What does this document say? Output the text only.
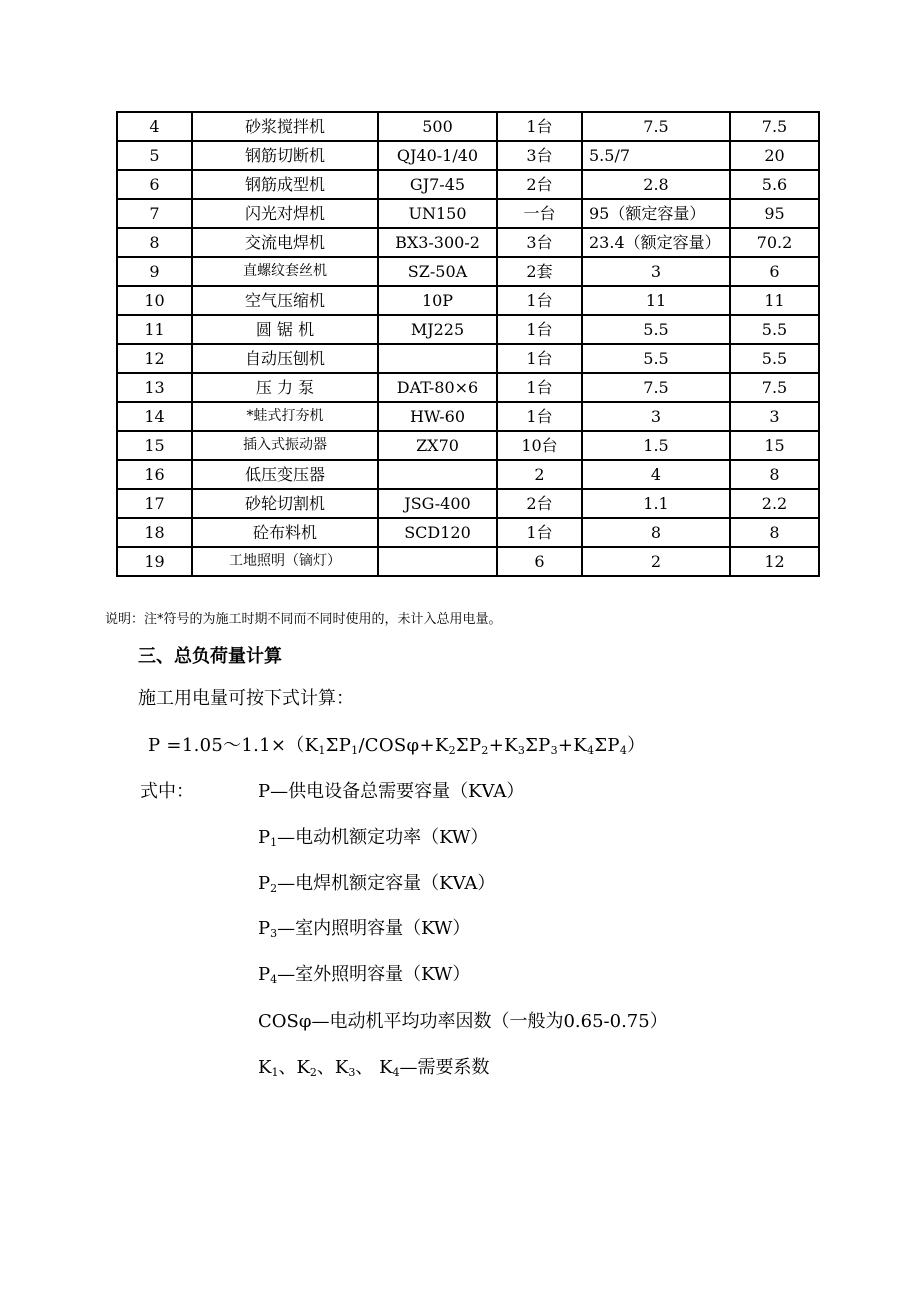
4	砂浆搅拌机	500	1台	7.5	7.5
5	钢筋切断机	QJ40-1/40	3台	5.5/7	20
6	钢筋成型机	GJ7-45	2台	2.8	5.6
7	闪光对焊机	UN150	一台	95（额定容量）	95
8	交流电焊机	BX3-300-2	3台	23.4（额定容量）	70.2
9	直螺纹套丝机	SZ-50A	2套	3	6
10	空气压缩机	10P	1台	11	11
11	圆 锯 机	MJ225	1台	5.5	5.5
12	自动压刨机		1台	5.5	5.5
13	压 力 泵	DAT-80×6	1台	7.5	7.5
14	*蛙式打夯机	HW-60	1台	3	3
15	插入式振动器	ZX70	10台	1.5	15
16	低压变压器		2	4	8
17	砂轮切割机	JSG-400	2台	1.1	2.2
18	砼布料机	SCD120	1台	8	8
19	工地照明（镝灯）		6	2	12
说明：注*符号的为施工时期不同而不同时使用的，未计入总用电量。
三、总负荷量计算
施工用电量可按下式计算：
$P =1.05\sim 1.1\times(K_1\Sigma P_1/COS\varphi+K_2\Sigma P_2+K_3\Sigma P_3+K_4\Sigma P_4)$
式中：	P—供电设备总需要容量（KVA）
$P_1—$电动机额定功率（KW）
$P_2—$电焊机额定容量（KVA）
$P_3—$室内照明容量（KW）
$P_4—$室外照明容量（KW）
COSφ—电动机平均功率因数（一般为0.65-0.75）
$K_1$、$K_2$、$K_3$、 $K_4—$需要系数
